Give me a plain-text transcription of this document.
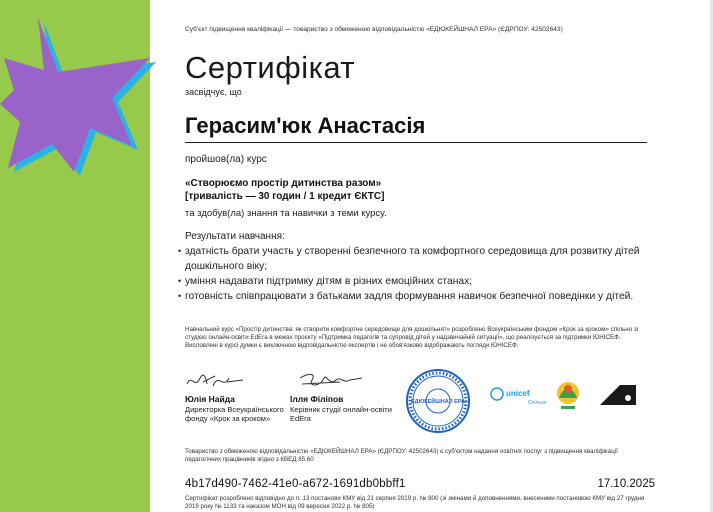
Суб'єкт підвищення кваліфікації — товариство з обмеженою відповідальністю «ЕДЮКЕЙШНАЛ ЕРА» (ЄДРПОУ: 42502643)
Сертифікат
засвідчує, що
Герасим'юк Анастасія
пройшов(ла) курс
«Створюємо простір дитинства разом»
[тривалість — 30 годин / 1 кредит ЄКТС]
та здобув(ла) знання та навички з теми курсу.
Результати навчання:
• здатність брати участь у створенні безпечного та комфортного середовища для розвитку дітей дошкільного віку;
• уміння надавати підтримку дітям в різних емоційних станах;
• готовність співпрацювати з батьками задля формування навичок безпечної поведінки у дітей.
Навчальний курс «Простір дитинства: як створити комфортне середовище для дошкільнят» розроблено Всеукраїнським фондом «Крок за кроком» спільно зі студією онлайн-освіти EdEra в межах проєкту «Підтримка педагогів та супровід дітей у надзвичайній ситуації», що реалізується за підтримки ЮНІСЕФ. Висловлені в курсі думки є виключною відповідальністю експертів і не обов'язково відображають погляди ЮНІСЕФ.
Юлія Найда
Директорка Всеукраїнського фонду «Крок за кроком»
Ілля Філіпов
Керівник студії онлайн-освіти EdEra
ЕДЮКЕЙШНАЛ ЕРА
unicef
Спільно
Товариство з обмеженою відповідальністю «ЕДЮКЕЙШНАЛ ЕРА» (ЄДРПОУ: 42502643) є суб'єктом надання освітніх послуг з підвищення кваліфікації педагогічних працівників згідно з КВЕД 85.60
4b17d490-7462-41e0-a672-1691db0bbff1	17.10.2025
Сертифікат розроблено відповідно до п. 13 постанови КМУ від 21 серпня 2019 р. № 800 (зі змінами й доповненнями, внесеними постановою КМУ від 27 грудня 2019 року № 1133 та наказом МОН від 09 вересня 2022 р. № 805)
